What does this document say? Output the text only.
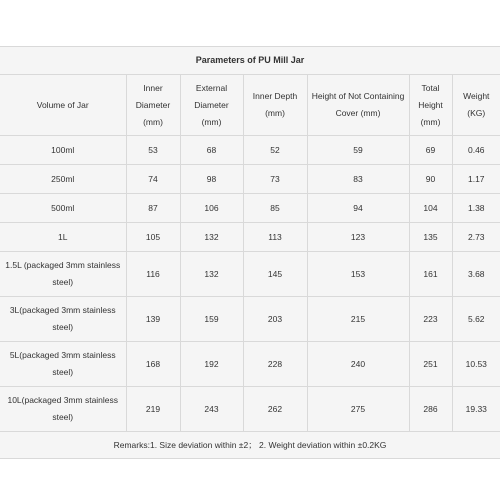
Parameters of PU Mill Jar						
Volume of Jar	Inner Diameter (mm)	External Diameter (mm)	Inner Depth (mm)	Height of Not Containing Cover (mm)	Total Height (mm)	Weight (KG)
100ml	53	68	52	59	69	0.46
250ml	74	98	73	83	90	1.17
500ml	87	106	85	94	104	1.38
1L	105	132	113	123	135	2.73
1.5L (packaged 3mm stainless steel)	116	132	145	153	161	3.68
3L(packaged 3mm stainless steel)	139	159	203	215	223	5.62
5L(packaged 3mm stainless steel)	168	192	228	240	251	10.53
10L(packaged 3mm stainless steel)	219	243	262	275	286	19.33
Remarks:1. Size deviation within ±2； 2. Weight deviation within ±0.2KG						
